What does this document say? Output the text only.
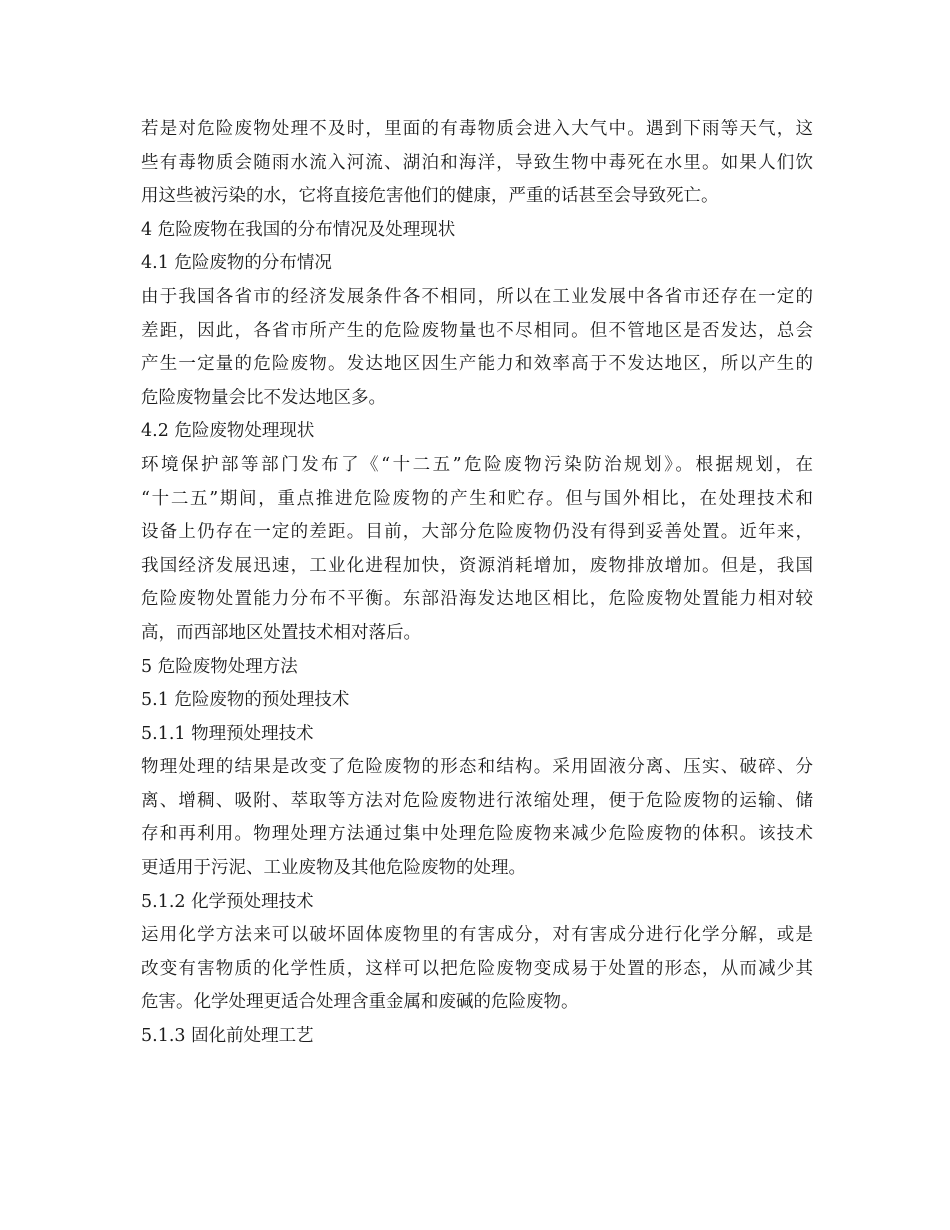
若是对危险废物处理不及时，里面的有毒物质会进入大气中。遇到下雨等天气，这
些有毒物质会随雨水流入河流、湖泊和海洋，导致生物中毒死在水里。如果人们饮
用这些被污染的水，它将直接危害他们的健康，严重的话甚至会导致死亡。
4 危险废物在我国的分布情况及处理现状
4.1 危险废物的分布情况
由于我国各省市的经济发展条件各不相同，所以在工业发展中各省市还存在一定的
差距，因此，各省市所产生的危险废物量也不尽相同。但不管地区是否发达，总会
产生一定量的危险废物。发达地区因生产能力和效率高于不发达地区，所以产生的
危险废物量会比不发达地区多。
4.2 危险废物处理现状
环境保护部等部门发布了《“十二五”危险废物污染防治规划》。根据规划，在
“十二五”期间，重点推进危险废物的产生和贮存。但与国外相比，在处理技术和
设备上仍存在一定的差距。目前，大部分危险废物仍没有得到妥善处置。近年来，
我国经济发展迅速，工业化进程加快，资源消耗增加，废物排放增加。但是，我国
危险废物处置能力分布不平衡。东部沿海发达地区相比，危险废物处置能力相对较
高，而西部地区处置技术相对落后。
5 危险废物处理方法
5.1 危险废物的预处理技术
5.1.1 物理预处理技术
物理处理的结果是改变了危险废物的形态和结构。采用固液分离、压实、破碎、分
离、增稠、吸附、萃取等方法对危险废物进行浓缩处理，便于危险废物的运输、储
存和再利用。物理处理方法通过集中处理危险废物来减少危险废物的体积。该技术
更适用于污泥、工业废物及其他危险废物的处理。
5.1.2 化学预处理技术
运用化学方法来可以破坏固体废物里的有害成分，对有害成分进行化学分解，或是
改变有害物质的化学性质，这样可以把危险废物变成易于处置的形态，从而减少其
危害。化学处理更适合处理含重金属和废碱的危险废物。
5.1.3 固化前处理工艺
